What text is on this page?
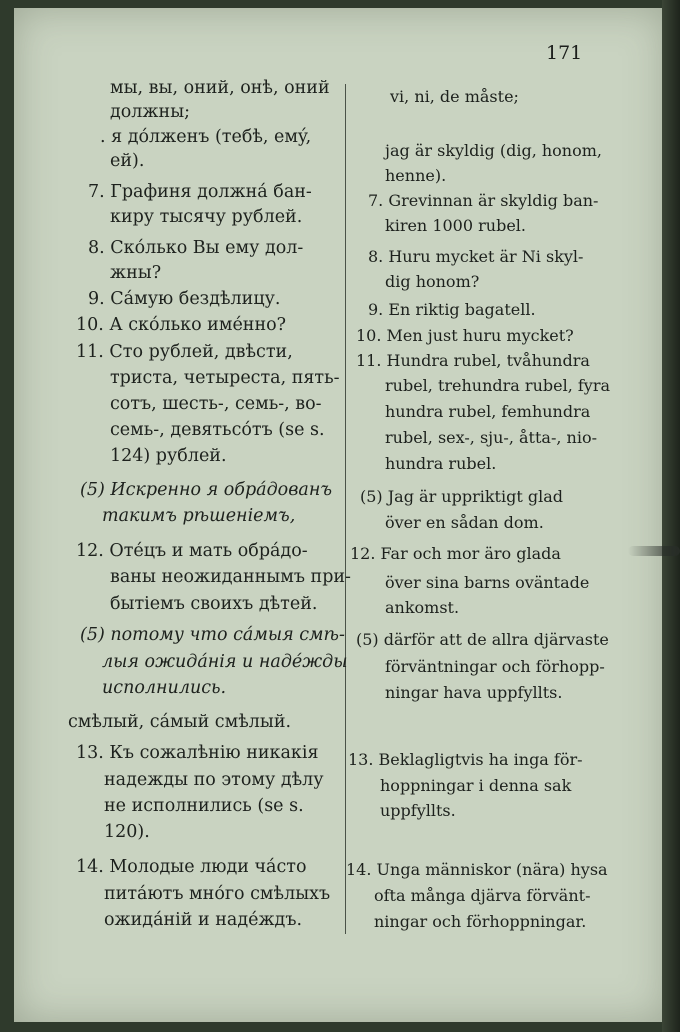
171
мы, вы, оний, онѣ, оний
должны;
. я дóлженъ (тебѣ, емý,
ей).
7. Графиня должнá бан-
киру тысячу рублей.
8. Скóлько Вы ему дол-
жны?
9. Сáмую бездѣлицу.
10. А скóлько имéнно?
11. Сто рублей, двѣсти,
триста, четыреста, пять-
сотъ, шесть-, семь-, во-
семь-, девятьсóтъ (se s.
124) рублей.
(5) Искренно я обрáдованъ
такимъ рѣшеніемъ,
12. Отéцъ и мать обрáдо-
ваны неожиданнымъ при-
бытіемъ своихъ дѣтей.
(5) потому что сáмыя смѣ-
лыя ожидáнія и надéжды
исполнились.
смѣлый, сáмый смѣлый.
13. Къ сожалѣнію никакія
надежды по этому дѣлу
не исполнились (se s.
120).
14. Молодые люди чáсто
питáютъ мнóго смѣлыхъ
ожидáній и надéждъ.
vi, ni, de måste;
jag är skyldig (dig, honom,
henne).
7. Grevinnan är skyldig ban-
kiren 1000 rubel.
8. Huru mycket är Ni skyl-
dig honom?
9. En riktig bagatell.
10. Men just huru mycket?
11. Hundra rubel, tvåhundra
rubel, trehundra rubel, fyra
hundra rubel, femhundra
rubel, sex-, sju-, åtta-, nio-
hundra rubel.
(5) Jag är uppriktigt glad
över en sådan dom.
12. Far och mor äro glada
över sina barns oväntade
ankomst.
(5) därför att de allra djärvaste
förväntningar och förhopp-
ningar hava uppfyllts.
13. Beklagligtvis ha inga för-
hoppningar i denna sak
uppfyllts.
14. Unga människor (nära) hysa
ofta många djärva förvänt-
ningar och förhoppningar.
